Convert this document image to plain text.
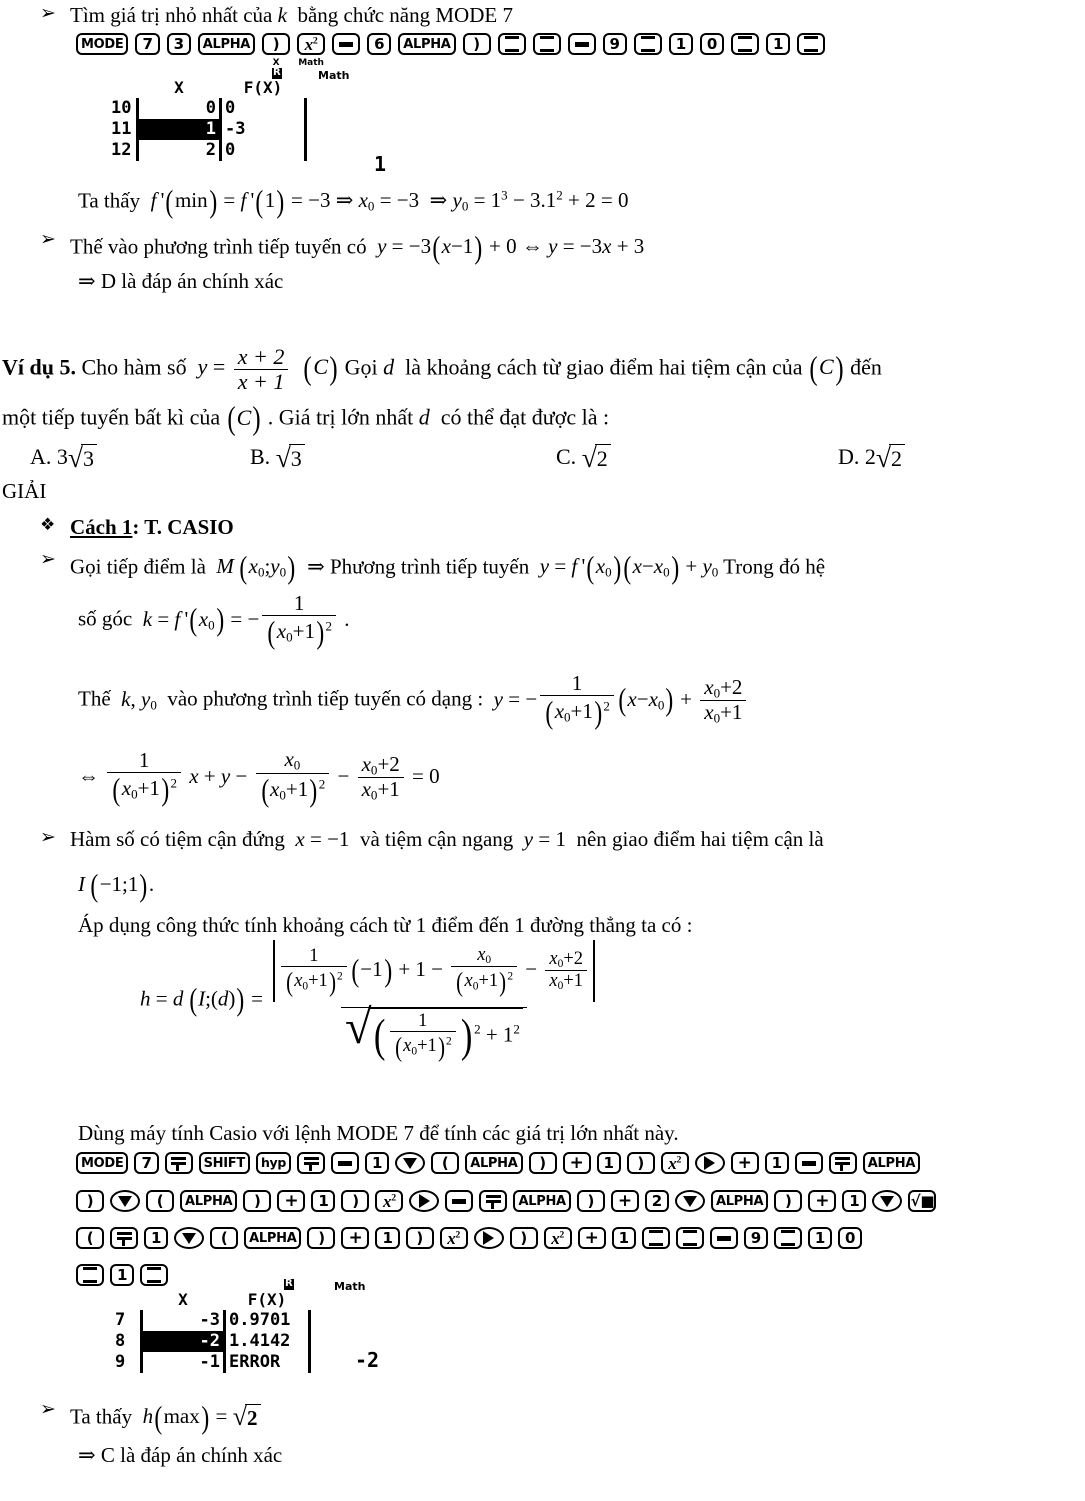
➢ Tìm giá trị nhỏ nhất của k  bằng chức năng MODE 7
MODE	7	3	ALPHA	)
X
$x^2$
Math
6	ALPHA	)	9	1	0	1
R	Math
	X	F(X)
10	0	0
11	1	-3
12	2	0
1
Ta thấy f '(min) = f '(1) = −3 ⇒ $x_0 = -3$  ⇒ $y_0 = 1^3 - 3.1^2 + 2 = 0$
➢ Thế vào phương trình tiếp tuyến có y = −3(x−1) + 0 ⇔ y = −3x + 3
⇒ D là đáp án chính xác
Ví dụ 5. Cho hàm số $y = \frac{x + 2}{x + 1} (C)$ Gọi d là khoảng cách từ giao điểm hai tiệm cận của (C) đến
một tiếp tuyến bất kì của (C) . Giá trị lớn nhất d có thể đạt được là :
A. 3 √ 3	B. √ 3	C. √ 2	D. 2 √ 2
GIẢI
❖ Cách 1: T. CASIO
➢ Gọi tiếp điểm là M  $(x_0;y_0)$  ⇒ Phương trình tiếp tuyến y = f '$(x_0)(x-x_0) + y_0$ Trong đó hệ
số góc k = f '$(x_0)$ = − $\frac{1}{(x_0+1)^2}$ .
Thế k, $y_0$ vào phương trình tiếp tuyến có dạng : y = − $\frac{1}{(x_0+1)^2} (x-x_0) + \frac{x_0+2}{x_0+1}$
⇔ $\frac{1}{(x_0+1)^2}$ $x + y - \frac{x_0}{(x_0+1)^2} - \frac{x_0+2}{x_0+1} = 0$
➢ Hàm số có tiệm cận đứng x = −1 và tiệm cận ngang y = 1 nên giao điểm hai tiệm cận là
I  (−1;1).
Áp dụng công thức tính khoảng cách từ 1 điểm đến 1 đường thẳng ta có :
h = d  (I;(d)) =
$\frac{1}{(x_0+1)^2} (-1) + 1 - \frac{x_0}{(x_0+1)^2} - \frac{x_0+2}{x_0+1}$
√ ( $\frac{1}{(x_0+1)^2}$ ) $^2 + 1^2$
Dùng máy tính Casio với lệnh MODE 7 để tính các giá trị lớn nhất này.
MODE	7	SHIFT	hyp	1	(	ALPHA	)	+	1	)	$x^2$	+	1	ALPHA
)	(	ALPHA	)	+	1	)	$x^2$	ALPHA	)	+	2	ALPHA	)	+	1	√■
(	1	(	ALPHA	)	+	1	)	$x^2$	)	$x^2$ +	1	9	1	0
1	R	Math
	X	F(X)
7	-3	0.9701
8	-2	1.4142
9	-1	ERROR	-2
➢ Ta thấy h(max) = √ 2
⇒ C là đáp án chính xác
